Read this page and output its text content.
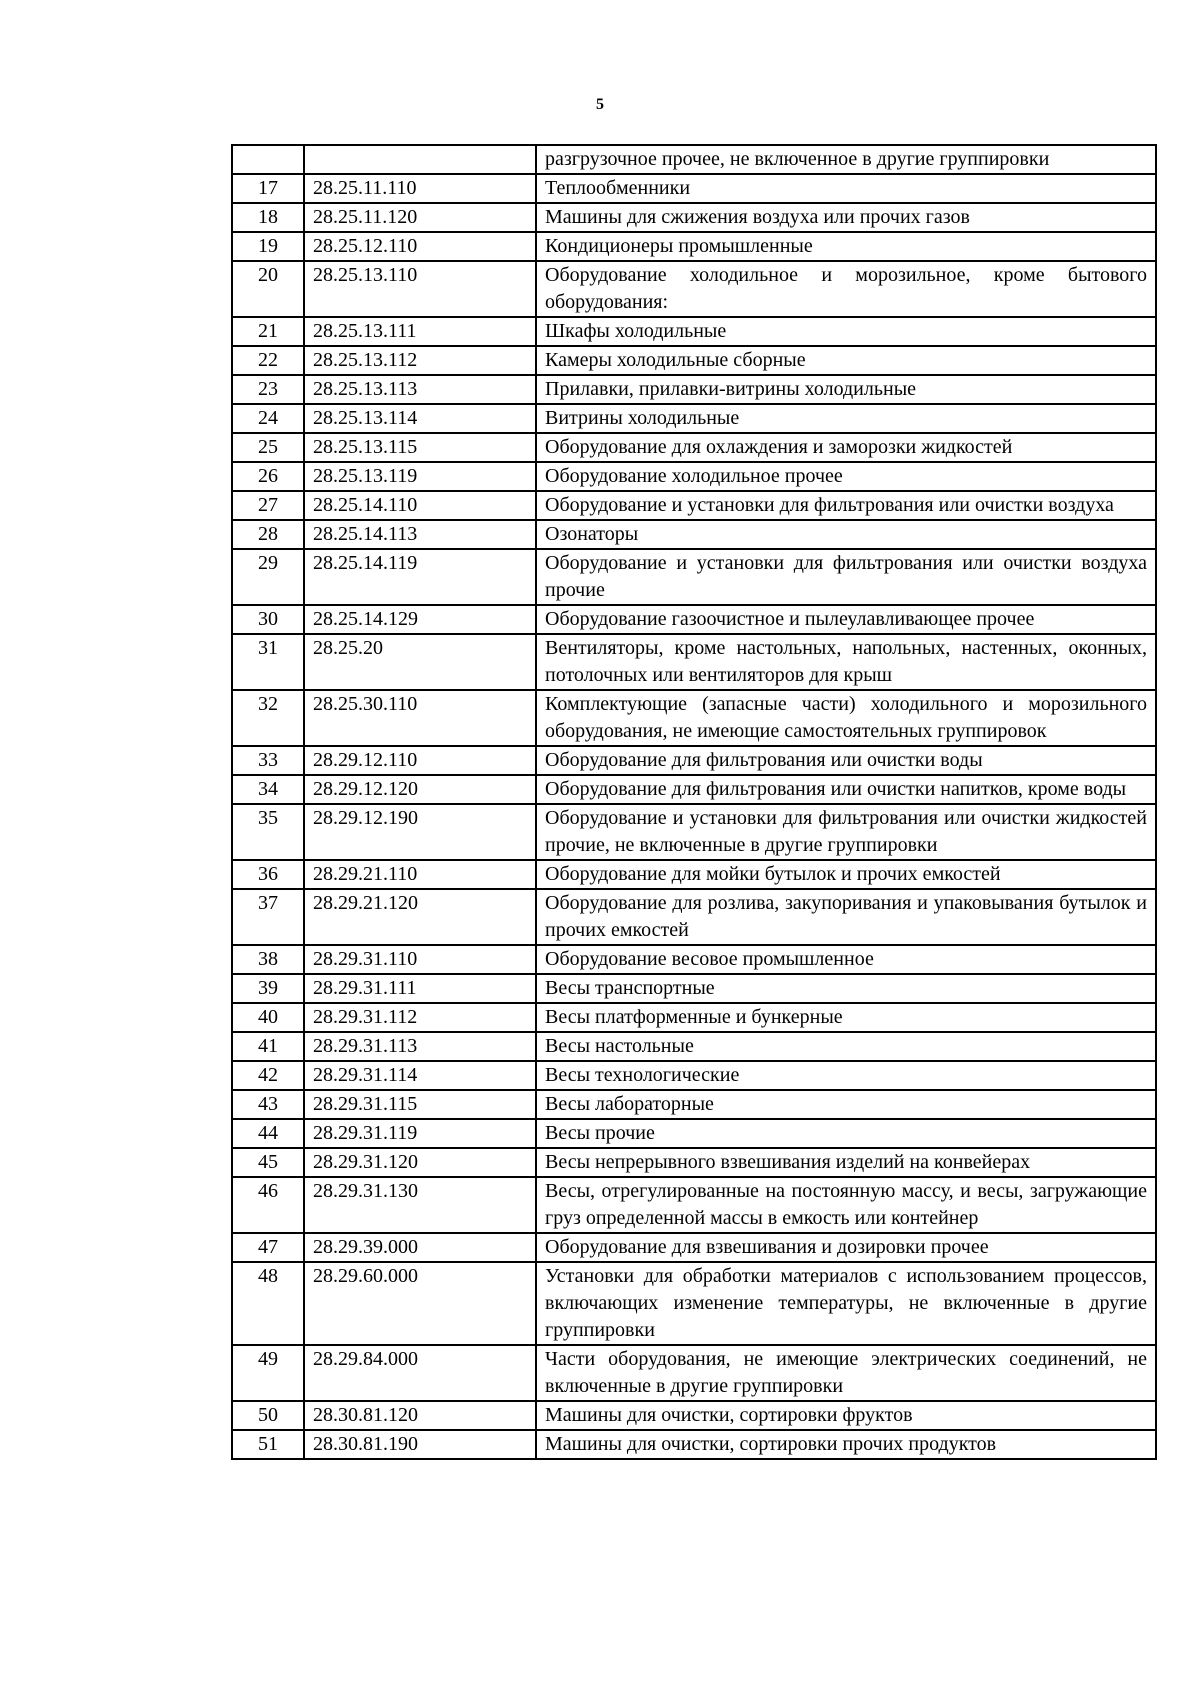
5
		разгрузочное прочее, не включенное в другие группировки
17	28.25.11.110	Теплообменники
18	28.25.11.120	Машины для сжижения воздуха или прочих газов
19	28.25.12.110	Кондиционеры промышленные
20	28.25.13.110	Оборудование холодильное и морозильное, кроме бытового оборудования:
21	28.25.13.111	Шкафы холодильные
22	28.25.13.112	Камеры холодильные сборные
23	28.25.13.113	Прилавки, прилавки-витрины холодильные
24	28.25.13.114	Витрины холодильные
25	28.25.13.115	Оборудование для охлаждения и заморозки жидкостей
26	28.25.13.119	Оборудование холодильное прочее
27	28.25.14.110	Оборудование и установки для фильтрования или очистки воздуха
28	28.25.14.113	Озонаторы
29	28.25.14.119	Оборудование и установки для фильтрования или очистки воздуха прочие
30	28.25.14.129	Оборудование газоочистное и пылеулавливающее прочее
31	28.25.20	Вентиляторы, кроме настольных, напольных, настенных, оконных, потолочных или вентиляторов для крыш
32	28.25.30.110	Комплектующие (запасные части) холодильного и морозильного оборудования, не имеющие самостоятельных группировок
33	28.29.12.110	Оборудование для фильтрования или очистки воды
34	28.29.12.120	Оборудование для фильтрования или очистки напитков, кроме воды
35	28.29.12.190	Оборудование и установки для фильтрования или очистки жидкостей прочие, не включенные в другие группировки
36	28.29.21.110	Оборудование для мойки бутылок и прочих емкостей
37	28.29.21.120	Оборудование для розлива, закупоривания и упаковывания бутылок и прочих емкостей
38	28.29.31.110	Оборудование весовое промышленное
39	28.29.31.111	Весы транспортные
40	28.29.31.112	Весы платформенные и бункерные
41	28.29.31.113	Весы настольные
42	28.29.31.114	Весы технологические
43	28.29.31.115	Весы лабораторные
44	28.29.31.119	Весы прочие
45	28.29.31.120	Весы непрерывного взвешивания изделий на конвейерах
46	28.29.31.130	Весы, отрегулированные на постоянную массу, и весы, загружающие груз определенной массы в емкость или контейнер
47	28.29.39.000	Оборудование для взвешивания и дозировки прочее
48	28.29.60.000	Установки для обработки материалов с использованием процессов, включающих изменение температуры, не включенные в другие группировки
49	28.29.84.000	Части оборудования, не имеющие электрических соединений, не включенные в другие группировки
50	28.30.81.120	Машины для очистки, сортировки фруктов
51	28.30.81.190	Машины для очистки, сортировки прочих продуктов
